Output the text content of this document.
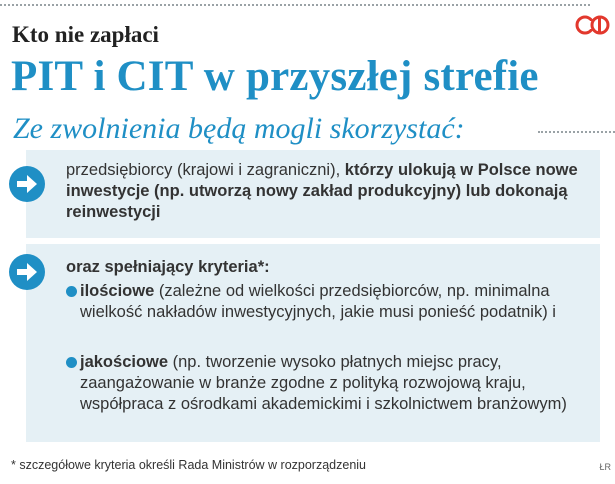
Kto nie zapłaci
PIT i CIT w przyszłej strefie
Ze zwolnienia będą mogli skorzystać:
przedsiębiorcy (krajowi i zagraniczni), którzy ulokują w Polsce nowe inwestycje (np. utworzą nowy zakład produkcyjny) lub dokonają reinwestycji
oraz spełniający kryteria*:
ilościowe (zależne od wielkości przedsiębiorców, np. minimalna wielkość nakładów inwestycyjnych, jakie musi ponieść podatnik) i
jakościowe (np. tworzenie wysoko płatnych miejsc pracy, zaangażowanie w branże zgodne z polityką rozwojową kraju, współpraca z ośrodkami akademickimi i szkolnictwem branżowym)
* szczegółowe kryteria określi Rada Ministrów w rozporządzeniu	ŁR
